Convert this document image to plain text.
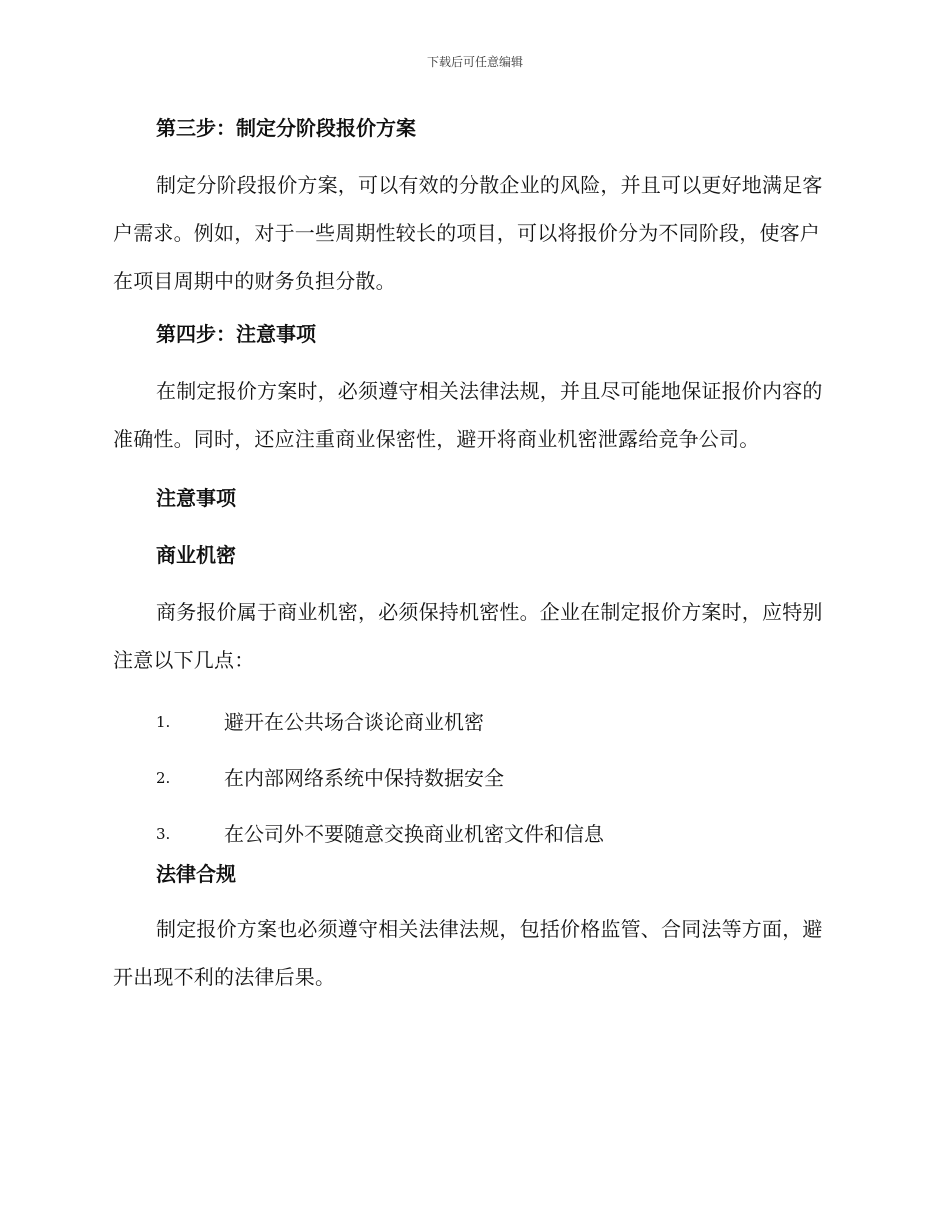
下载后可任意编辑
第三步：制定分阶段报价方案

制定分阶段报价方案，可以有效的分散企业的风险，并且可以更好地满足客户需求。例如，对于一些周期性较长的项目，可以将报价分为不同阶段，使客户在项目周期中的财务负担分散。

第四步：注意事项

在制定报价方案时，必须遵守相关法律法规，并且尽可能地保证报价内容的准确性。同时，还应注重商业保密性，避开将商业机密泄露给竞争公司。

注意事项
商业机密

商务报价属于商业机密，必须保持机密性。企业在制定报价方案时，应特别注意以下几点：

1.	避开在公共场合谈论商业机密
2.	在内部网络系统中保持数据安全
3.	在公司外不要随意交换商业机密文件和信息
法律合规

制定报价方案也必须遵守相关法律法规，包括价格监管、合同法等方面，避开出现不利的法律后果。
